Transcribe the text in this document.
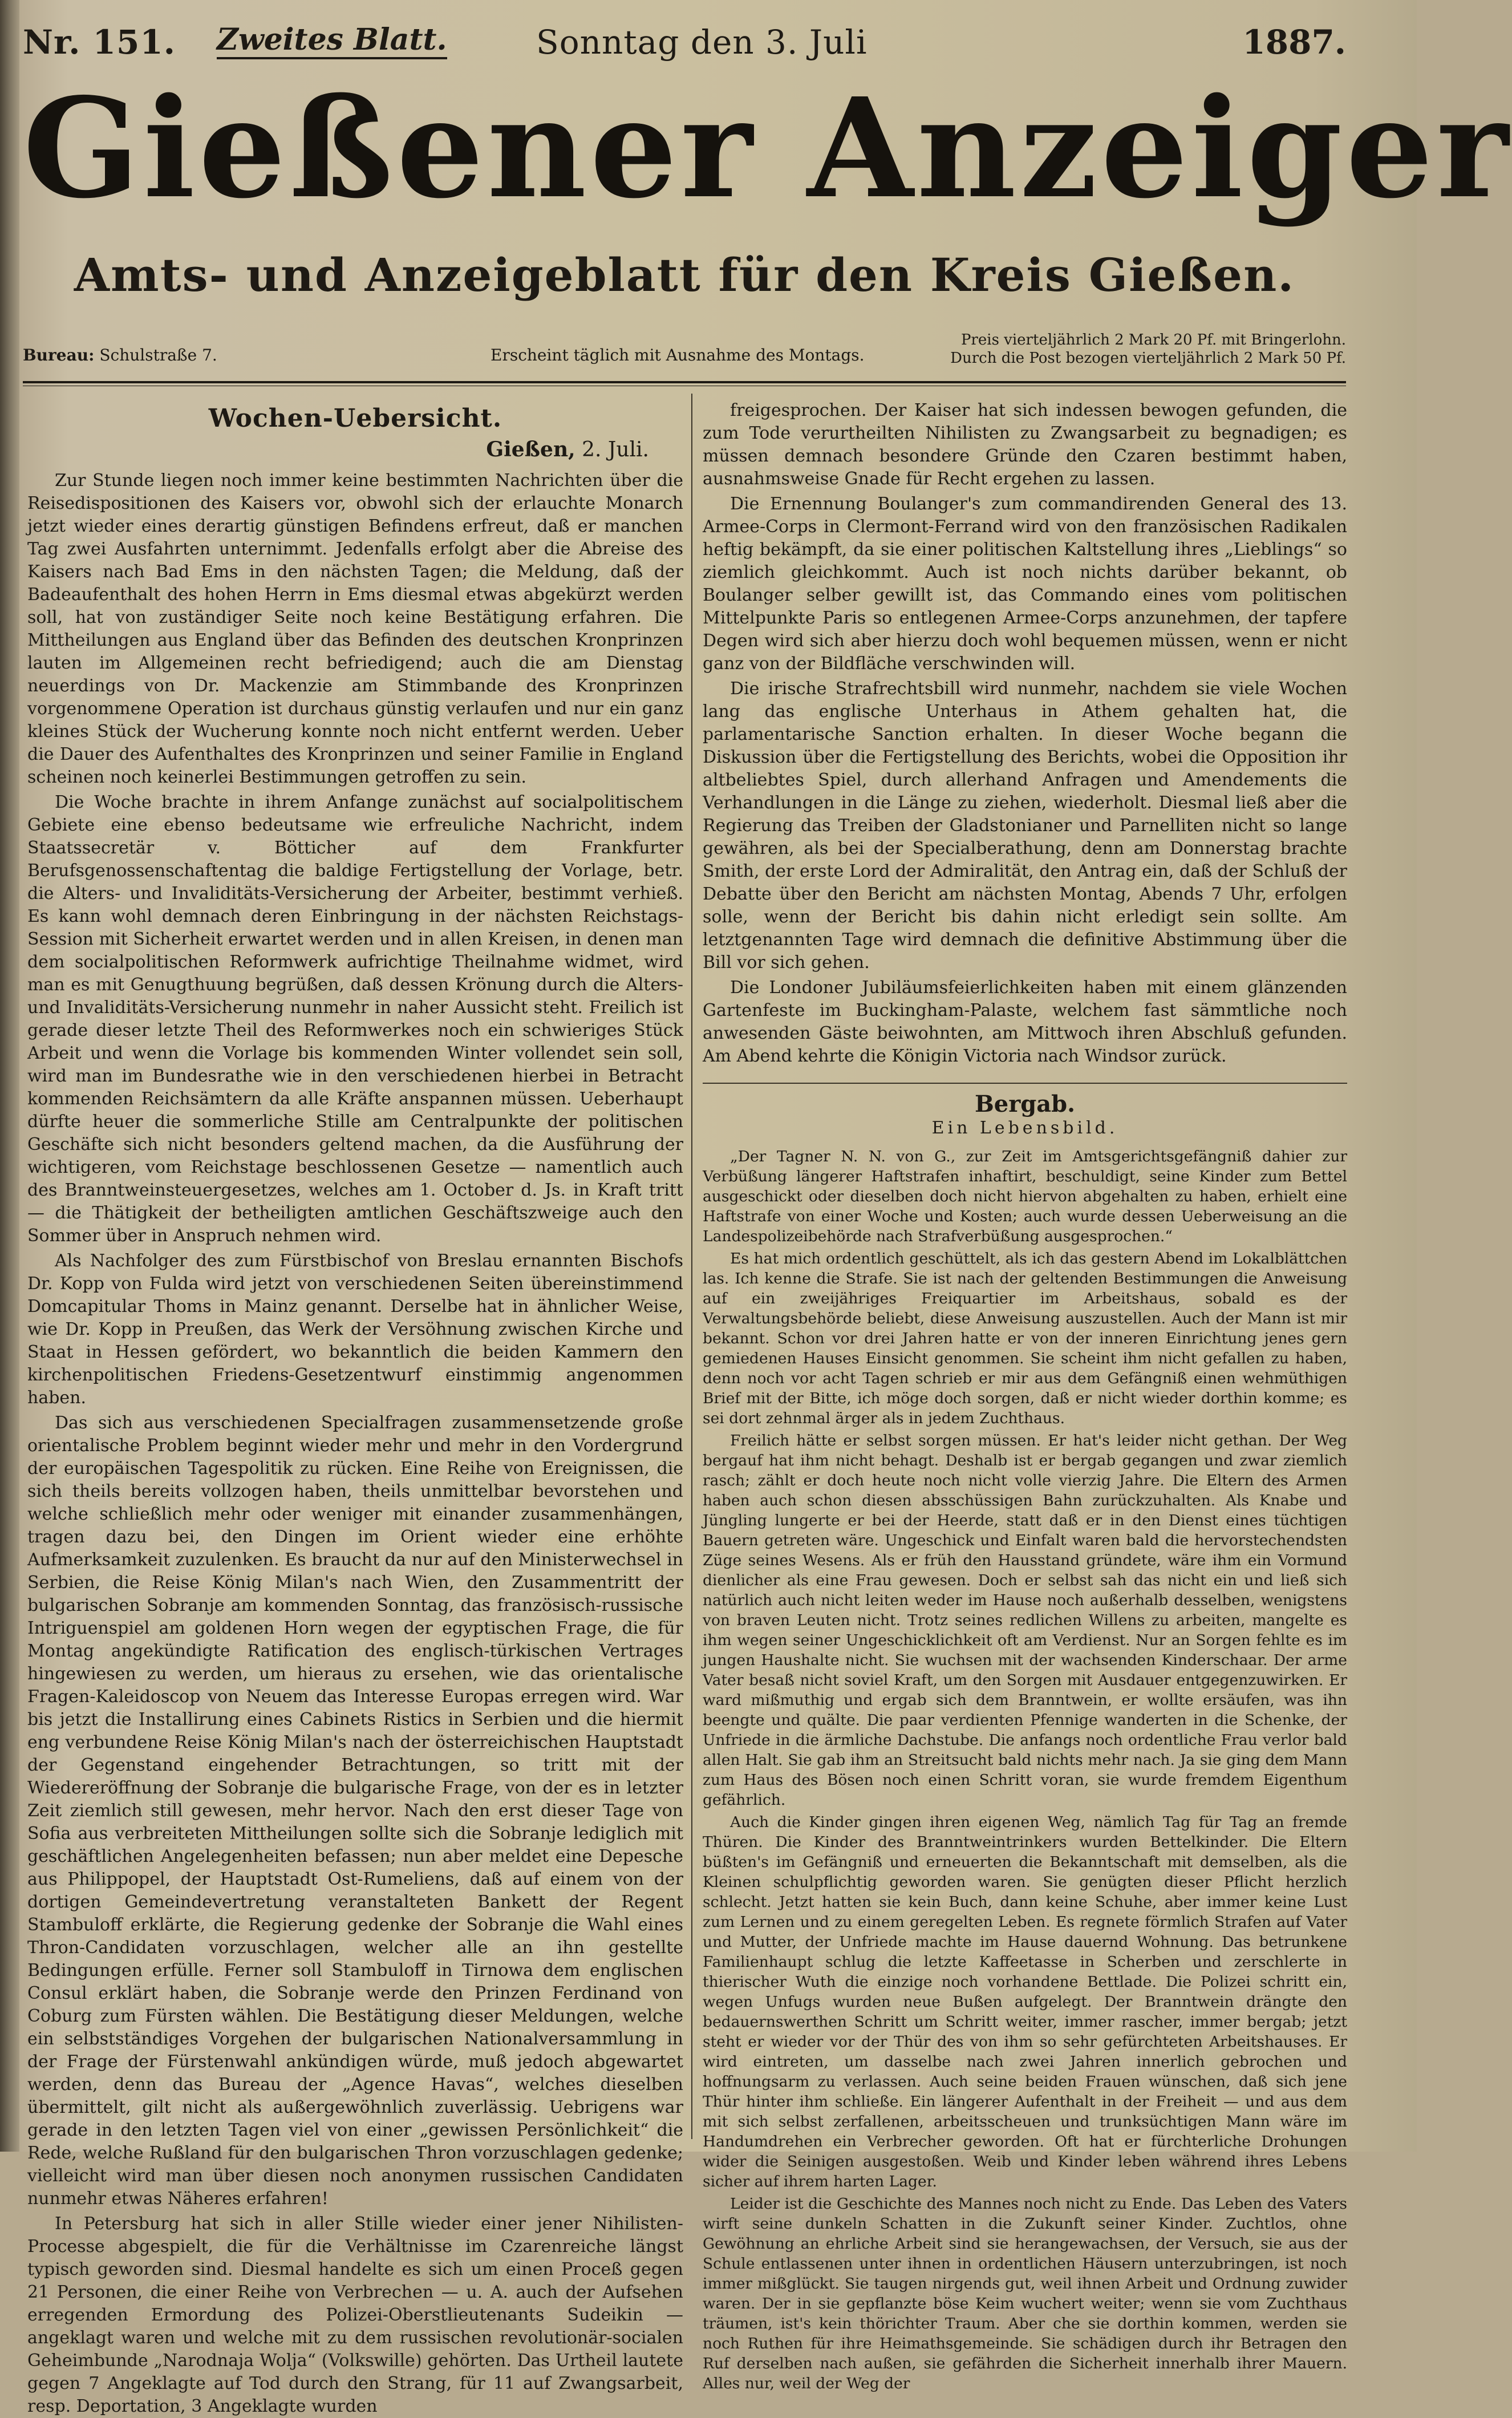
Nr. 151. Zweites Blatt.	Sonntag den 3. Juli	1887.
Gießener Anzeiger
Amts- und Anzeigeblatt für den Kreis Gießen.
Bureau: Schulstraße 7.	Erscheint täglich mit Ausnahme des Montags.
Preis vierteljährlich 2 Mark 20 Pf. mit Bringerlohn.
Durch die Post bezogen vierteljährlich 2 Mark 50 Pf.
Wochen-Uebersicht.
Gießen, 2. Juli.

Zur Stunde liegen noch immer keine bestimmten Nachrichten über die Reisedispositionen des Kaisers vor, obwohl sich der erlauchte Monarch jetzt wieder eines derartig günstigen Befindens erfreut, daß er manchen Tag zwei Ausfahrten unternimmt. Jedenfalls erfolgt aber die Abreise des Kaisers nach Bad Ems in den nächsten Tagen; die Meldung, daß der Badeaufenthalt des hohen Herrn in Ems diesmal etwas abgekürzt werden soll, hat von zuständiger Seite noch keine Bestätigung erfahren. Die Mittheilungen aus England über das Befinden des deutschen Kronprinzen lauten im Allgemeinen recht befriedigend; auch die am Dienstag neuerdings von Dr. Mackenzie am Stimmbande des Kronprinzen vorgenommene Operation ist durchaus günstig verlaufen und nur ein ganz kleines Stück der Wucherung konnte noch nicht entfernt werden. Ueber die Dauer des Aufenthaltes des Kronprinzen und seiner Familie in England scheinen noch keinerlei Bestimmungen getroffen zu sein.

Die Woche brachte in ihrem Anfange zunächst auf socialpolitischem Gebiete eine ebenso bedeutsame wie erfreuliche Nachricht, indem Staatssecretär v. Bötticher auf dem Frankfurter Berufsgenossenschaftentag die baldige Fertigstellung der Vorlage, betr. die Alters- und Invaliditäts-Versicherung der Arbeiter, bestimmt verhieß. Es kann wohl demnach deren Einbringung in der nächsten Reichstags-Session mit Sicherheit erwartet werden und in allen Kreisen, in denen man dem socialpolitischen Reformwerk aufrichtige Theilnahme widmet, wird man es mit Genugthuung begrüßen, daß dessen Krönung durch die Alters- und Invaliditäts-Versicherung nunmehr in naher Aussicht steht. Freilich ist gerade dieser letzte Theil des Reformwerkes noch ein schwieriges Stück Arbeit und wenn die Vorlage bis kommenden Winter vollendet sein soll, wird man im Bundesrathe wie in den verschiedenen hierbei in Betracht kommenden Reichsämtern da alle Kräfte anspannen müssen. Ueberhaupt dürfte heuer die sommerliche Stille am Centralpunkte der politischen Geschäfte sich nicht besonders geltend machen, da die Ausführung der wichtigeren, vom Reichstage beschlossenen Gesetze — namentlich auch des Branntweinsteuergesetzes, welches am 1. October d. Js. in Kraft tritt — die Thätigkeit der betheiligten amtlichen Geschäftszweige auch den Sommer über in Anspruch nehmen wird.

Als Nachfolger des zum Fürstbischof von Breslau ernannten Bischofs Dr. Kopp von Fulda wird jetzt von verschiedenen Seiten übereinstimmend Domcapitular Thoms in Mainz genannt. Derselbe hat in ähnlicher Weise, wie Dr. Kopp in Preußen, das Werk der Versöhnung zwischen Kirche und Staat in Hessen gefördert, wo bekanntlich die beiden Kammern den kirchenpolitischen Friedens-Gesetzentwurf einstimmig angenommen haben.

Das sich aus verschiedenen Specialfragen zusammensetzende große orientalische Problem beginnt wieder mehr und mehr in den Vordergrund der europäischen Tagespolitik zu rücken. Eine Reihe von Ereignissen, die sich theils bereits vollzogen haben, theils unmittelbar bevorstehen und welche schließlich mehr oder weniger mit einander zusammenhängen, tragen dazu bei, den Dingen im Orient wieder eine erhöhte Aufmerksamkeit zuzulenken. Es braucht da nur auf den Ministerwechsel in Serbien, die Reise König Milan's nach Wien, den Zusammentritt der bulgarischen Sobranje am kommenden Sonntag, das französisch-russische Intriguenspiel am goldenen Horn wegen der egyptischen Frage, die für Montag angekündigte Ratification des englisch-türkischen Vertrages hingewiesen zu werden, um hieraus zu ersehen, wie das orientalische Fragen-Kaleidoscop von Neuem das Interesse Europas erregen wird. War bis jetzt die Installirung eines Cabinets Ristics in Serbien und die hiermit eng verbundene Reise König Milan's nach der österreichischen Hauptstadt der Gegenstand eingehender Betrachtungen, so tritt mit der Wiedereröffnung der Sobranje die bulgarische Frage, von der es in letzter Zeit ziemlich still gewesen, mehr hervor. Nach den erst dieser Tage von Sofia aus verbreiteten Mittheilungen sollte sich die Sobranje lediglich mit geschäftlichen Angelegenheiten befassen; nun aber meldet eine Depesche aus Philippopel, der Hauptstadt Ost-Rumeliens, daß auf einem von der dortigen Gemeindevertretung veranstalteten Bankett der Regent Stambuloff erklärte, die Regierung gedenke der Sobranje die Wahl eines Thron-Candidaten vorzuschlagen, welcher alle an ihn gestellte Bedingungen erfülle. Ferner soll Stambuloff in Tirnowa dem englischen Consul erklärt haben, die Sobranje werde den Prinzen Ferdinand von Coburg zum Fürsten wählen. Die Bestätigung dieser Meldungen, welche ein selbstständiges Vorgehen der bulgarischen Nationalversammlung in der Frage der Fürstenwahl ankündigen würde, muß jedoch abgewartet werden, denn das Bureau der „Agence Havas“, welches dieselben übermittelt, gilt nicht als außergewöhnlich zuverlässig. Uebrigens war gerade in den letzten Tagen viel von einer „gewissen Persönlichkeit“ die Rede, welche Rußland für den bulgarischen Thron vorzuschlagen gedenke; vielleicht wird man über diesen noch anonymen russischen Candidaten nunmehr etwas Näheres erfahren!

In Petersburg hat sich in aller Stille wieder einer jener Nihilisten-Processe abgespielt, die für die Verhältnisse im Czarenreiche längst typisch geworden sind. Diesmal handelte es sich um einen Proceß gegen 21 Personen, die einer Reihe von Verbrechen — u. A. auch der Aufsehen erregenden Ermordung des Polizei-Oberstlieutenants Sudeikin — angeklagt waren und welche mit zu dem russischen revolutionär-socialen Geheimbunde „Narodnaja Wolja“ (Volkswille) gehörten. Das Urtheil lautete gegen 7 Angeklagte auf Tod durch den Strang, für 11 auf Zwangsarbeit, resp. Deportation, 3 Angeklagte wurden

freigesprochen. Der Kaiser hat sich indessen bewogen gefunden, die zum Tode verurtheilten Nihilisten zu Zwangsarbeit zu begnadigen; es müssen demnach besondere Gründe den Czaren bestimmt haben, ausnahmsweise Gnade für Recht ergehen zu lassen.

Die Ernennung Boulanger's zum commandirenden General des 13. Armee-Corps in Clermont-Ferrand wird von den französischen Radikalen heftig bekämpft, da sie einer politischen Kaltstellung ihres „Lieblings“ so ziemlich gleichkommt. Auch ist noch nichts darüber bekannt, ob Boulanger selber gewillt ist, das Commando eines vom politischen Mittelpunkte Paris so entlegenen Armee-Corps anzunehmen, der tapfere Degen wird sich aber hierzu doch wohl bequemen müssen, wenn er nicht ganz von der Bildfläche verschwinden will.

Die irische Strafrechtsbill wird nunmehr, nachdem sie viele Wochen lang das englische Unterhaus in Athem gehalten hat, die parlamentarische Sanction erhalten. In dieser Woche begann die Diskussion über die Fertigstellung des Berichts, wobei die Opposition ihr altbeliebtes Spiel, durch allerhand Anfragen und Amendements die Verhandlungen in die Länge zu ziehen, wiederholt. Diesmal ließ aber die Regierung das Treiben der Gladstonianer und Parnelliten nicht so lange gewähren, als bei der Specialberathung, denn am Donnerstag brachte Smith, der erste Lord der Admiralität, den Antrag ein, daß der Schluß der Debatte über den Bericht am nächsten Montag, Abends 7 Uhr, erfolgen solle, wenn der Bericht bis dahin nicht erledigt sein sollte. Am letztgenannten Tage wird demnach die definitive Abstimmung über die Bill vor sich gehen.

Die Londoner Jubiläumsfeierlichkeiten haben mit einem glänzenden Gartenfeste im Buckingham-Palaste, welchem fast sämmtliche noch anwesenden Gäste beiwohnten, am Mittwoch ihren Abschluß gefunden. Am Abend kehrte die Königin Victoria nach Windsor zurück.

Bergab.
Ein Lebensbild.

„Der Tagner N. N. von G., zur Zeit im Amtsgerichtsgefängniß dahier zur Verbüßung längerer Haftstrafen inhaftirt, beschuldigt, seine Kinder zum Bettel ausgeschickt oder dieselben doch nicht hiervon abgehalten zu haben, erhielt eine Haftstrafe von einer Woche und Kosten; auch wurde dessen Ueberweisung an die Landespolizeibehörde nach Strafverbüßung ausgesprochen.“

Es hat mich ordentlich geschüttelt, als ich das gestern Abend im Lokalblättchen las. Ich kenne die Strafe. Sie ist nach der geltenden Bestimmungen die Anweisung auf ein zweijähriges Freiquartier im Arbeitshaus, sobald es der Verwaltungsbehörde beliebt, diese Anweisung auszustellen. Auch der Mann ist mir bekannt. Schon vor drei Jahren hatte er von der inneren Einrichtung jenes gern gemiedenen Hauses Einsicht genommen. Sie scheint ihm nicht gefallen zu haben, denn noch vor acht Tagen schrieb er mir aus dem Gefängniß einen wehmüthigen Brief mit der Bitte, ich möge doch sorgen, daß er nicht wieder dorthin komme; es sei dort zehnmal ärger als in jedem Zuchthaus.

Freilich hätte er selbst sorgen müssen. Er hat's leider nicht gethan. Der Weg bergauf hat ihm nicht behagt. Deshalb ist er bergab gegangen und zwar ziemlich rasch; zählt er doch heute noch nicht volle vierzig Jahre. Die Eltern des Armen haben auch schon diesen absschüssigen Bahn zurückzuhalten. Als Knabe und Jüngling lungerte er bei der Heerde, statt daß er in den Dienst eines tüchtigen Bauern getreten wäre. Ungeschick und Einfalt waren bald die hervorstechendsten Züge seines Wesens. Als er früh den Hausstand gründete, wäre ihm ein Vormund dienlicher als eine Frau gewesen. Doch er selbst sah das nicht ein und ließ sich natürlich auch nicht leiten weder im Hause noch außerhalb desselben, wenigstens von braven Leuten nicht. Trotz seines redlichen Willens zu arbeiten, mangelte es ihm wegen seiner Ungeschicklichkeit oft am Verdienst. Nur an Sorgen fehlte es im jungen Haushalte nicht. Sie wuchsen mit der wachsenden Kinderschaar. Der arme Vater besaß nicht soviel Kraft, um den Sorgen mit Ausdauer entgegenzuwirken. Er ward mißmuthig und ergab sich dem Branntwein, er wollte ersäufen, was ihn beengte und quälte. Die paar verdienten Pfennige wanderten in die Schenke, der Unfriede in die ärmliche Dachstube. Die anfangs noch ordentliche Frau verlor bald allen Halt. Sie gab ihm an Streitsucht bald nichts mehr nach. Ja sie ging dem Mann zum Haus des Bösen noch einen Schritt voran, sie wurde fremdem Eigenthum gefährlich.

Auch die Kinder gingen ihren eigenen Weg, nämlich Tag für Tag an fremde Thüren. Die Kinder des Branntweintrinkers wurden Bettelkinder. Die Eltern büßten's im Gefängniß und erneuerten die Bekanntschaft mit demselben, als die Kleinen schulpflichtig geworden waren. Sie genügten dieser Pflicht herzlich schlecht. Jetzt hatten sie kein Buch, dann keine Schuhe, aber immer keine Lust zum Lernen und zu einem geregelten Leben. Es regnete förmlich Strafen auf Vater und Mutter, der Unfriede machte im Hause dauernd Wohnung. Das betrunkene Familienhaupt schlug die letzte Kaffeetasse in Scherben und zerschlerte in thierischer Wuth die einzige noch vorhandene Bettlade. Die Polizei schritt ein, wegen Unfugs wurden neue Bußen aufgelegt. Der Branntwein drängte den bedauernswerthen Schritt um Schritt weiter, immer rascher, immer bergab; jetzt steht er wieder vor der Thür des von ihm so sehr gefürchteten Arbeitshauses. Er wird eintreten, um dasselbe nach zwei Jahren innerlich gebrochen und hoffnungsarm zu verlassen. Auch seine beiden Frauen wünschen, daß sich jene Thür hinter ihm schließe. Ein längerer Aufenthalt in der Freiheit — und aus dem mit sich selbst zerfallenen, arbeitsscheuen und trunksüchtigen Mann wäre im Handumdrehen ein Verbrecher geworden. Oft hat er fürchterliche Drohungen wider die Seinigen ausgestoßen. Weib und Kinder leben während ihres Lebens sicher auf ihrem harten Lager.

Leider ist die Geschichte des Mannes noch nicht zu Ende. Das Leben des Vaters wirft seine dunkeln Schatten in die Zukunft seiner Kinder. Zuchtlos, ohne Gewöhnung an ehrliche Arbeit sind sie herangewachsen, der Versuch, sie aus der Schule entlassenen unter ihnen in ordentlichen Häusern unterzubringen, ist noch immer mißglückt. Sie taugen nirgends gut, weil ihnen Arbeit und Ordnung zuwider waren. Der in sie gepflanzte böse Keim wuchert weiter; wenn sie vom Zuchthaus träumen, ist's kein thörichter Traum. Aber che sie dorthin kommen, werden sie noch Ruthen für ihre Heimathsgemeinde. Sie schädigen durch ihr Betragen den Ruf derselben nach außen, sie gefährden die Sicherheit innerhalb ihrer Mauern. Alles nur, weil der Weg der
